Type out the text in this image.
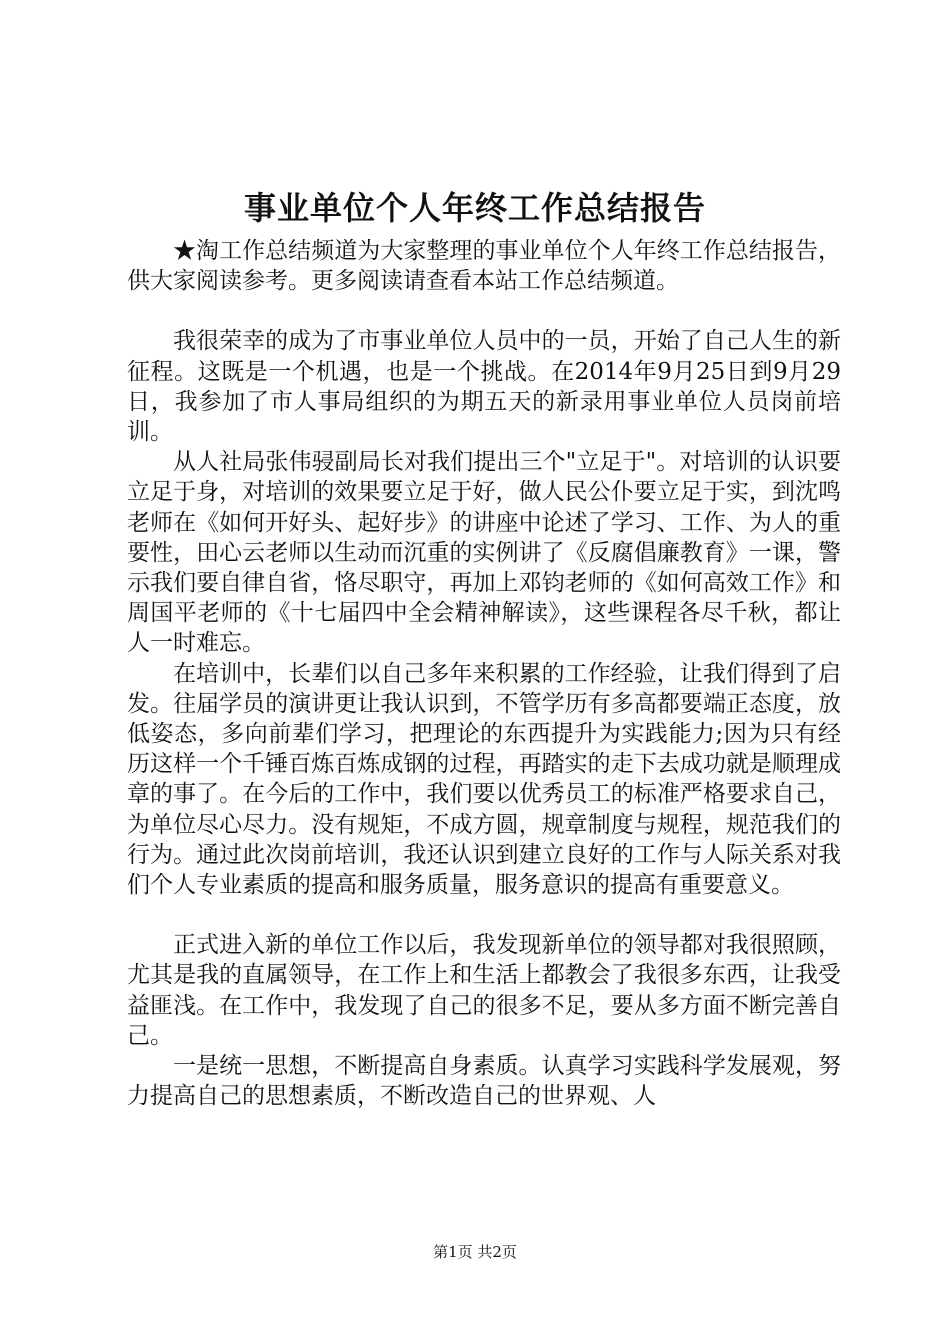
事业单位个人年终工作总结报告

★淘工作总结频道为大家整理的事业单位个人年终工作总结报告，供大家阅读参考。更多阅读请查看本站工作总结频道。

我很荣幸的成为了市事业单位人员中的一员，开始了自己人生的新征程。这既是一个机遇，也是一个挑战。在2014年9月25日到9月29日，我参加了市人事局组织的为期五天的新录用事业单位人员岗前培训。

从人社局张伟骎副局长对我们提出三个"立足于"。对培训的认识要立足于身，对培训的效果要立足于好，做人民公仆要立足于实，到沈鸣老师在《如何开好头、起好步》的讲座中论述了学习、工作、为人的重要性，田心云老师以生动而沉重的实例讲了《反腐倡廉教育》一课，警示我们要自律自省，恪尽职守，再加上邓钧老师的《如何高效工作》和周国平老师的《十七届四中全会精神解读》，这些课程各尽千秋，都让人一时难忘。

在培训中，长辈们以自己多年来积累的工作经验，让我们得到了启发。往届学员的演讲更让我认识到，不管学历有多高都要端正态度，放低姿态，多向前辈们学习，把理论的东西提升为实践能力;因为只有经历这样一个千锤百炼百炼成钢的过程，再踏实的走下去成功就是顺理成章的事了。在今后的工作中，我们要以优秀员工的标准严格要求自己，为单位尽心尽力。没有规矩，不成方圆，规章制度与规程，规范我们的行为。通过此次岗前培训，我还认识到建立良好的工作与人际关系对我们个人专业素质的提高和服务质量，服务意识的提高有重要意义。

正式进入新的单位工作以后，我发现新单位的领导都对我很照顾，尤其是我的直属领导，在工作上和生活上都教会了我很多东西，让我受益匪浅。在工作中，我发现了自己的很多不足，要从多方面不断完善自己。

一是统一思想，不断提高自身素质。认真学习实践科学发展观，努力提高自己的思想素质，不断改造自己的世界观、人

第1页 共2页
